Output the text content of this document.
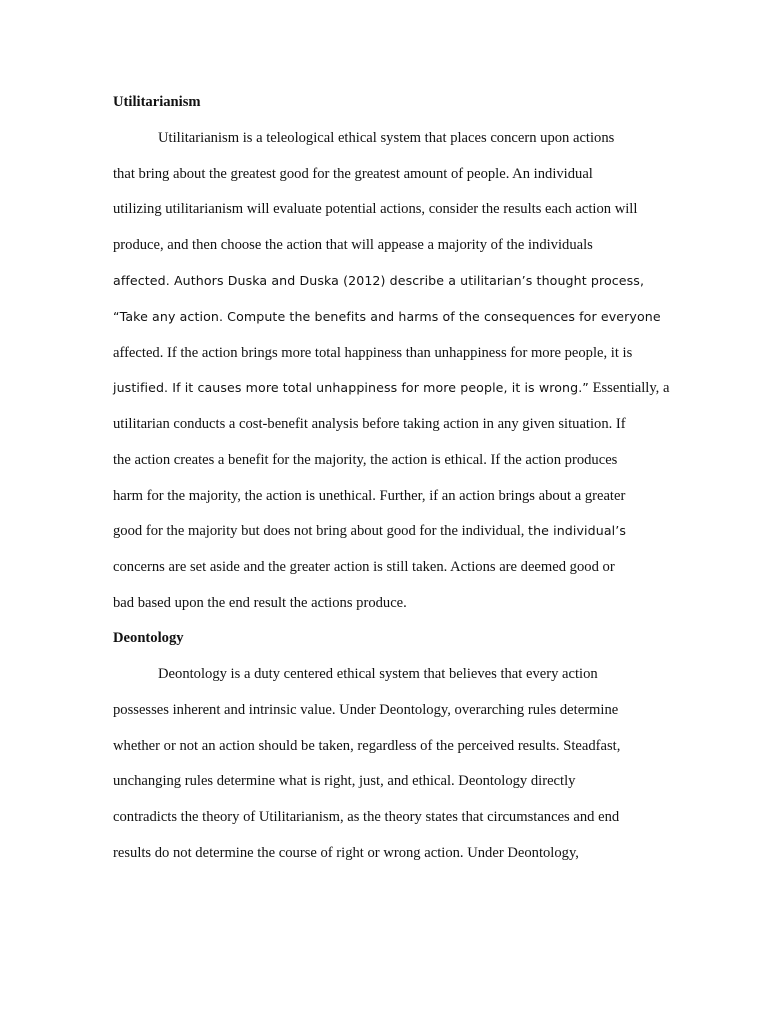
Utilitarianism
Utilitarianism is a teleological ethical system that places concern upon actions
that bring about the greatest good for the greatest amount of people. An individual
utilizing utilitarianism will evaluate potential actions, consider the results each action will
produce, and then choose the action that will appease a majority of the individuals
affected. Authors Duska and Duska (2012) describe a utilitarian’s thought process,
“Take any action. Compute the benefits and harms of the consequences for everyone
affected. If the action brings more total happiness than unhappiness for more people, it is
justified. If it causes more total unhappiness for more people, it is wrong.” Essentially, a
utilitarian conducts a cost-benefit analysis before taking action in any given situation. If
the action creates a benefit for the majority, the action is ethical. If the action produces
harm for the majority, the action is unethical. Further, if an action brings about a greater
good for the majority but does not bring about good for the individual, the individual’s
concerns are set aside and the greater action is still taken. Actions are deemed good or
bad based upon the end result the actions produce.
Deontology
Deontology is a duty centered ethical system that believes that every action
possesses inherent and intrinsic value. Under Deontology, overarching rules determine
whether or not an action should be taken, regardless of the perceived results. Steadfast,
unchanging rules determine what is right, just, and ethical. Deontology directly
contradicts the theory of Utilitarianism, as the theory states that circumstances and end
results do not determine the course of right or wrong action. Under Deontology,
